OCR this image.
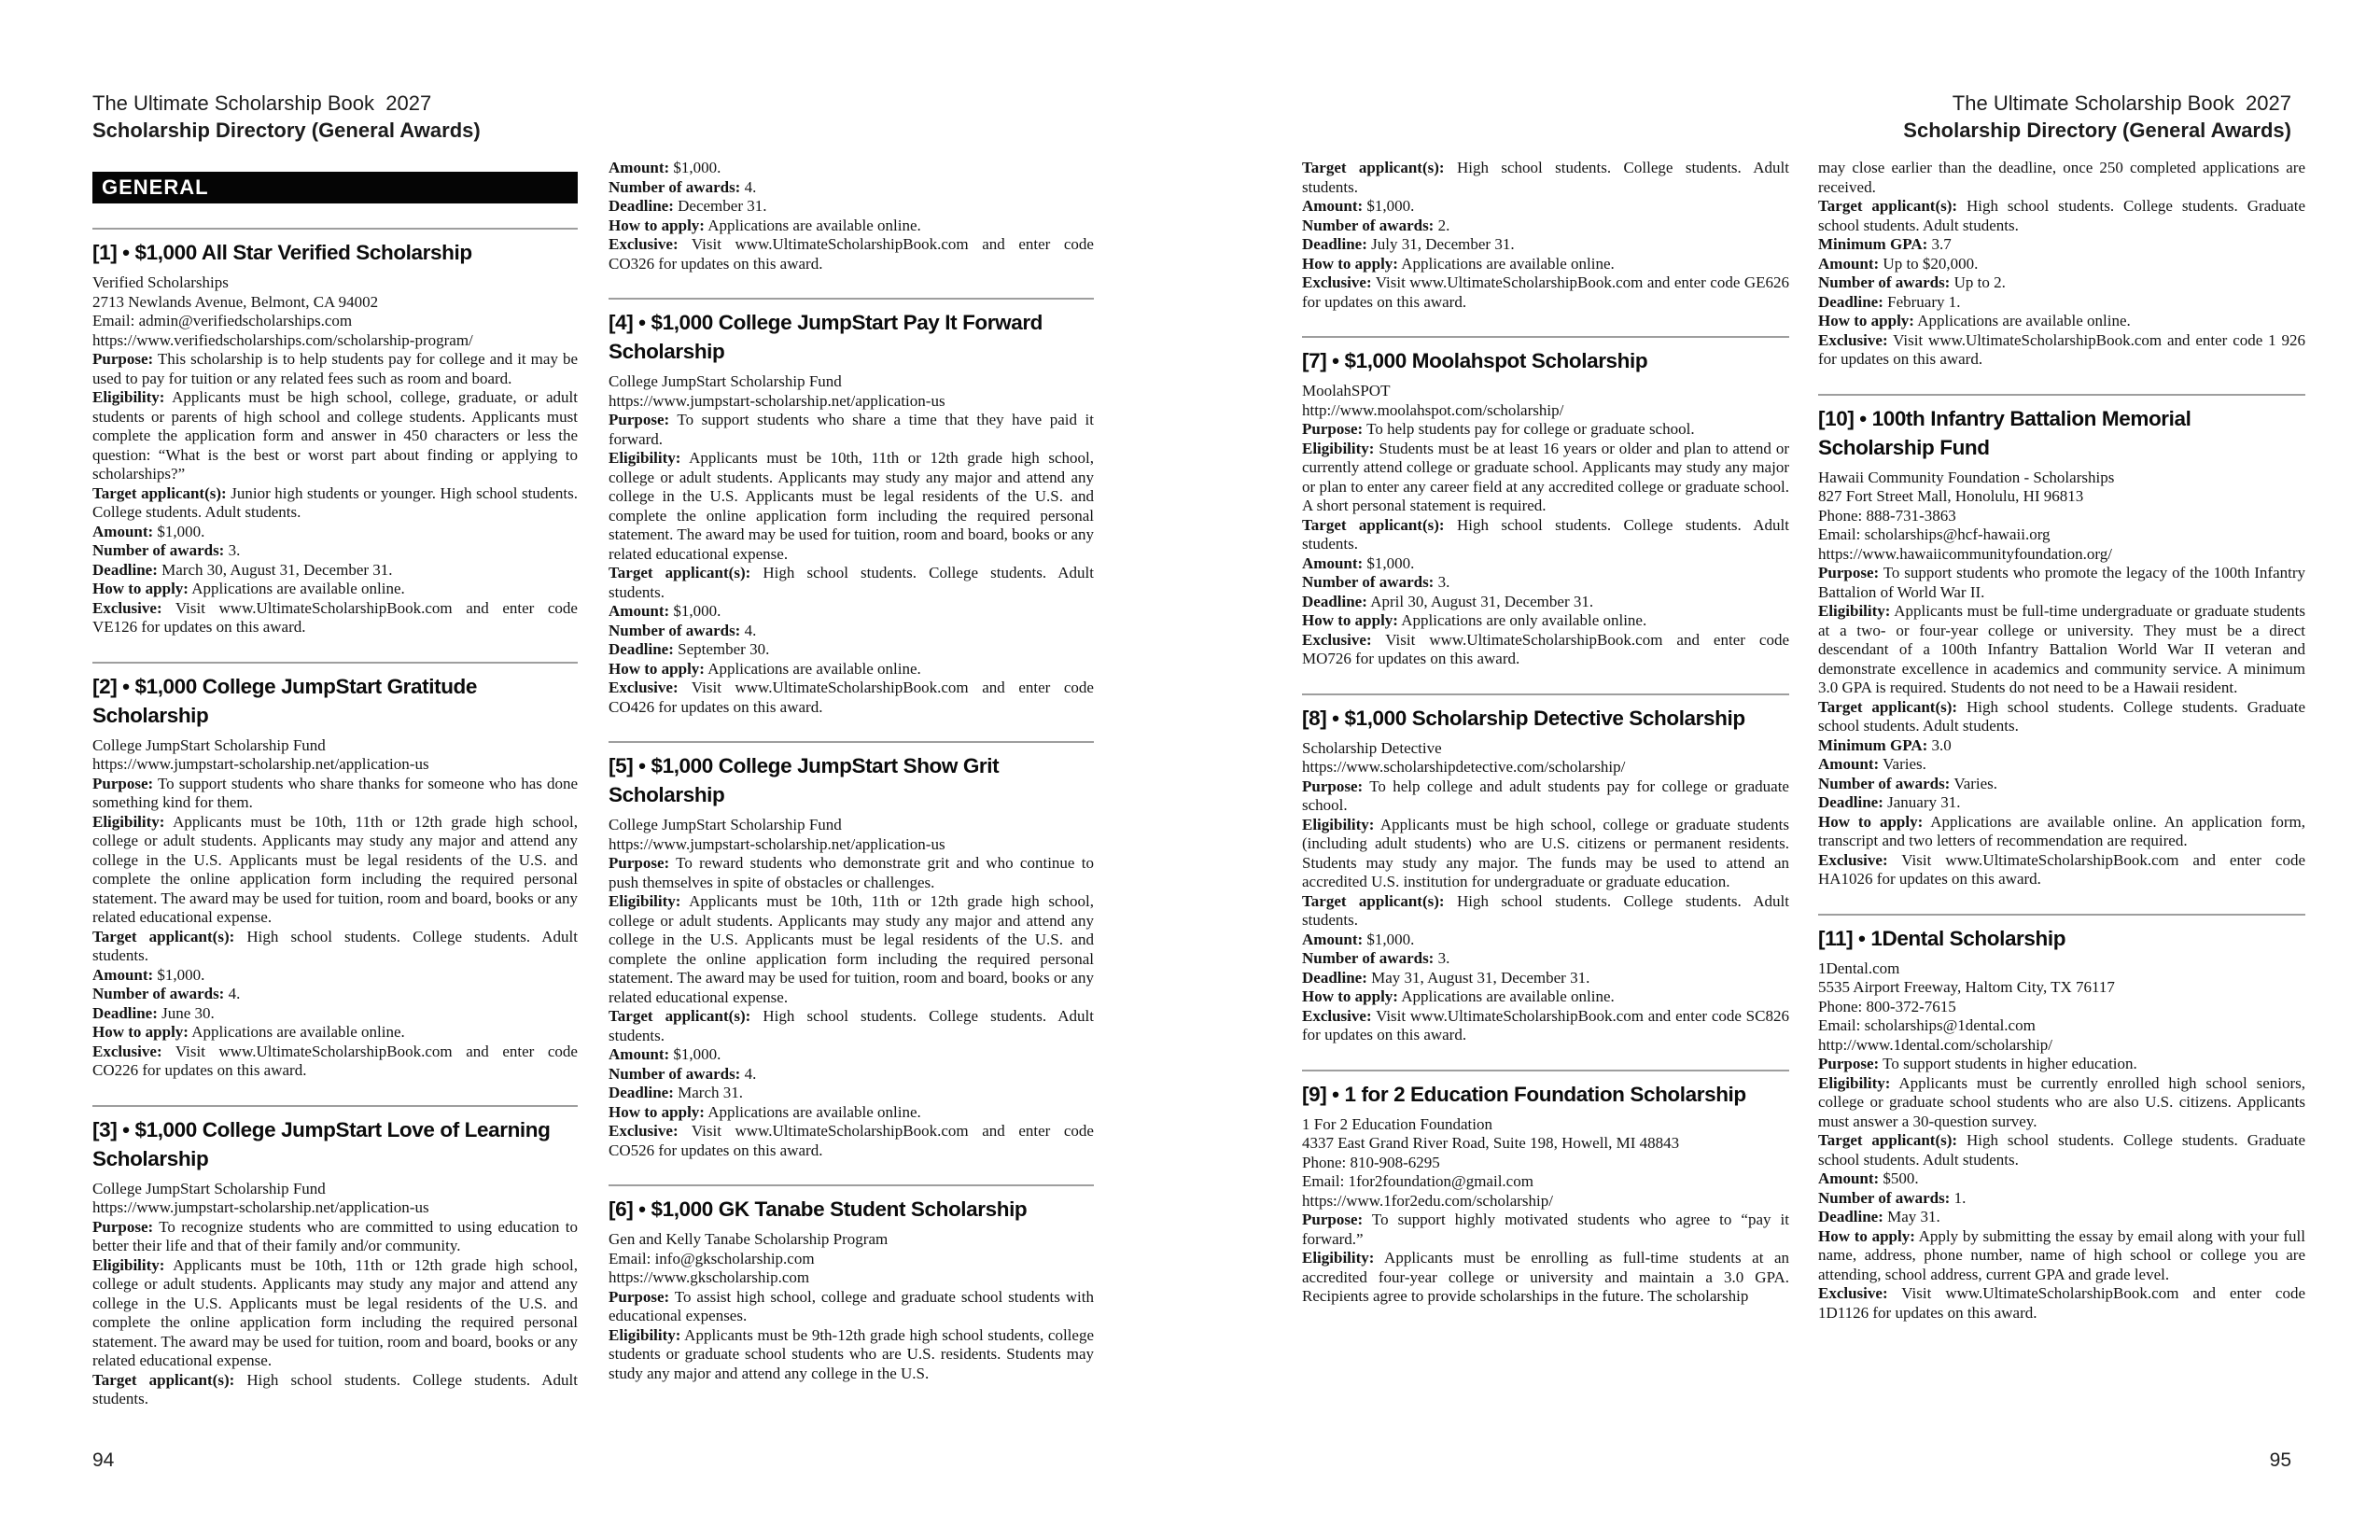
The Ultimate Scholarship Book  2027
Scholarship Directory (General Awards)
The Ultimate Scholarship Book  2027
Scholarship Directory (General Awards)
GENERAL
[1] • $1,000 All Star Verified Scholarship
Verified Scholarships
2713 Newlands Avenue, Belmont, CA 94002
Email: admin@verifiedscholarships.com
https://www.verifiedscholarships.com/scholarship-program/

Purpose: This scholarship is to help students pay for college and it may be used to pay for tuition or any related fees such as room and board.

Eligibility: Applicants must be high school, college, graduate, or adult students or parents of high school and college students. Applicants must complete the application form and answer in 450 characters or less the question: “What is the best or worst part about finding or applying to scholarships?”

Target applicant(s): Junior high students or younger. High school students. College students. Adult students.

Amount: $1,000.

Number of awards: 3.

Deadline: March 30, August 31, December 31.

How to apply: Applications are available online.

Exclusive: Visit www.UltimateScholarshipBook.com and enter code VE126 for updates on this award.

[2] • $1,000 College JumpStart Gratitude Scholarship
College JumpStart Scholarship Fund
https://www.jumpstart-scholarship.net/application-us

Purpose: To support students who share thanks for someone who has done something kind for them.

Eligibility: Applicants must be 10th, 11th or 12th grade high school, college or adult students. Applicants may study any major and attend any college in the U.S. Applicants must be legal residents of the U.S. and complete the online application form including the required personal statement. The award may be used for tuition, room and board, books or any related educational expense.

Target applicant(s): High school students. College students. Adult students.

Amount: $1,000.

Number of awards: 4.

Deadline: June 30.

How to apply: Applications are available online.

Exclusive: Visit www.UltimateScholarshipBook.com and enter code CO226 for updates on this award.

[3] • $1,000 College JumpStart Love of Learning Scholarship
College JumpStart Scholarship Fund
https://www.jumpstart-scholarship.net/application-us

Purpose: To recognize students who are committed to using education to better their life and that of their family and/or community.

Eligibility: Applicants must be 10th, 11th or 12th grade high school, college or adult students. Applicants may study any major and attend any college in the U.S. Applicants must be legal residents of the U.S. and complete the online application form including the required personal statement. The award may be used for tuition, room and board, books or any related educational expense.

Target applicant(s): High school students. College students. Adult students.

Amount: $1,000.

Number of awards: 4.

Deadline: December 31.

How to apply: Applications are available online.

Exclusive: Visit www.UltimateScholarshipBook.com and enter code CO326 for updates on this award.

[4] • $1,000 College JumpStart Pay It Forward Scholarship
College JumpStart Scholarship Fund
https://www.jumpstart-scholarship.net/application-us

Purpose: To support students who share a time that they have paid it forward.

Eligibility: Applicants must be 10th, 11th or 12th grade high school, college or adult students. Applicants may study any major and attend any college in the U.S. Applicants must be legal residents of the U.S. and complete the online application form including the required personal statement. The award may be used for tuition, room and board, books or any related educational expense.

Target applicant(s): High school students. College students. Adult students.

Amount: $1,000.

Number of awards: 4.

Deadline: September 30.

How to apply: Applications are available online.

Exclusive: Visit www.UltimateScholarshipBook.com and enter code CO426 for updates on this award.

[5] • $1,000 College JumpStart Show Grit Scholarship
College JumpStart Scholarship Fund
https://www.jumpstart-scholarship.net/application-us

Purpose: To reward students who demonstrate grit and who continue to push themselves in spite of obstacles or challenges.

Eligibility: Applicants must be 10th, 11th or 12th grade high school, college or adult students. Applicants may study any major and attend any college in the U.S. Applicants must be legal residents of the U.S. and complete the online application form including the required personal statement. The award may be used for tuition, room and board, books or any related educational expense.

Target applicant(s): High school students. College students. Adult students.

Amount: $1,000.

Number of awards: 4.

Deadline: March 31.

How to apply: Applications are available online.

Exclusive: Visit www.UltimateScholarshipBook.com and enter code CO526 for updates on this award.

[6] • $1,000 GK Tanabe Student Scholarship
Gen and Kelly Tanabe Scholarship Program
Email: info@gkscholarship.com
https://www.gkscholarship.com

Purpose: To assist high school, college and graduate school students with educational expenses.

Eligibility: Applicants must be 9th-12th grade high school students, college students or graduate school students who are U.S. residents. Students may study any major and attend any college in the U.S.

Target applicant(s): High school students. College students. Adult students.

Amount: $1,000.

Number of awards: 2.

Deadline: July 31, December 31.

How to apply: Applications are available online.

Exclusive: Visit www.UltimateScholarshipBook.com and enter code GE626 for updates on this award.

[7] • $1,000 Moolahspot Scholarship
MoolahSPOT
http://www.moolahspot.com/scholarship/

Purpose: To help students pay for college or graduate school.

Eligibility: Students must be at least 16 years or older and plan to attend or currently attend college or graduate school. Applicants may study any major or plan to enter any career field at any accredited college or graduate school. A short personal statement is required.

Target applicant(s): High school students. College students. Adult students.

Amount: $1,000.

Number of awards: 3.

Deadline: April 30, August 31, December 31.

How to apply: Applications are only available online.

Exclusive: Visit www.UltimateScholarshipBook.com and enter code MO726 for updates on this award.

[8] • $1,000 Scholarship Detective Scholarship
Scholarship Detective
https://www.scholarshipdetective.com/scholarship/

Purpose: To help college and adult students pay for college or graduate school.

Eligibility: Applicants must be high school, college or graduate students (including adult students) who are U.S. citizens or permanent residents. Students may study any major. The funds may be used to attend an accredited U.S. institution for undergraduate or graduate education.

Target applicant(s): High school students. College students. Adult students.

Amount: $1,000.

Number of awards: 3.

Deadline: May 31, August 31, December 31.

How to apply: Applications are available online.

Exclusive: Visit www.UltimateScholarshipBook.com and enter code SC826 for updates on this award.

[9] • 1 for 2 Education Foundation Scholarship
1 For 2 Education Foundation
4337 East Grand River Road, Suite 198, Howell, MI 48843
Phone: 810-908-6295
Email: 1for2foundation@gmail.com
https://www.1for2edu.com/scholarship/

Purpose: To support highly motivated students who agree to “pay it forward.”

Eligibility: Applicants must be enrolling as full-time students at an accredited four-year college or university and maintain a 3.0 GPA. Recipients agree to provide scholarships in the future. The scholarship

may close earlier than the deadline, once 250 completed applications are received.

Target applicant(s): High school students. College students. Graduate school students. Adult students.

Minimum GPA: 3.7

Amount: Up to $20,000.

Number of awards: Up to 2.

Deadline: February 1.

How to apply: Applications are available online.

Exclusive: Visit www.UltimateScholarshipBook.com and enter code 1 926 for updates on this award.

[10] • 100th Infantry Battalion Memorial Scholarship Fund
Hawaii Community Foundation - Scholarships
827 Fort Street Mall, Honolulu, HI 96813
Phone: 888-731-3863
Email: scholarships@hcf-hawaii.org
https://www.hawaiicommunityfoundation.org/

Purpose: To support students who promote the legacy of the 100th Infantry Battalion of World War II.

Eligibility: Applicants must be full-time undergraduate or graduate students at a two- or four-year college or university. They must be a direct descendant of a 100th Infantry Battalion World War II veteran and demonstrate excellence in academics and community service. A minimum 3.0 GPA is required. Students do not need to be a Hawaii resident.

Target applicant(s): High school students. College students. Graduate school students. Adult students.

Minimum GPA: 3.0

Amount: Varies.

Number of awards: Varies.

Deadline: January 31.

How to apply: Applications are available online. An application form, transcript and two letters of recommendation are required.

Exclusive: Visit www.UltimateScholarshipBook.com and enter code HA1026 for updates on this award.

[11] • 1Dental Scholarship
1Dental.com
5535 Airport Freeway, Haltom City, TX 76117
Phone: 800-372-7615
Email: scholarships@1dental.com
http://www.1dental.com/scholarship/

Purpose: To support students in higher education.

Eligibility: Applicants must be currently enrolled high school seniors, college or graduate school students who are also U.S. citizens. Applicants must answer a 30-question survey.

Target applicant(s): High school students. College students. Graduate school students. Adult students.

Amount: $500.

Number of awards: 1.

Deadline: May 31.

How to apply: Apply by submitting the essay by email along with your full name, address, phone number, name of high school or college you are attending, school address, current GPA and grade level.

Exclusive: Visit www.UltimateScholarshipBook.com and enter code 1D1126 for updates on this award.

94	95
